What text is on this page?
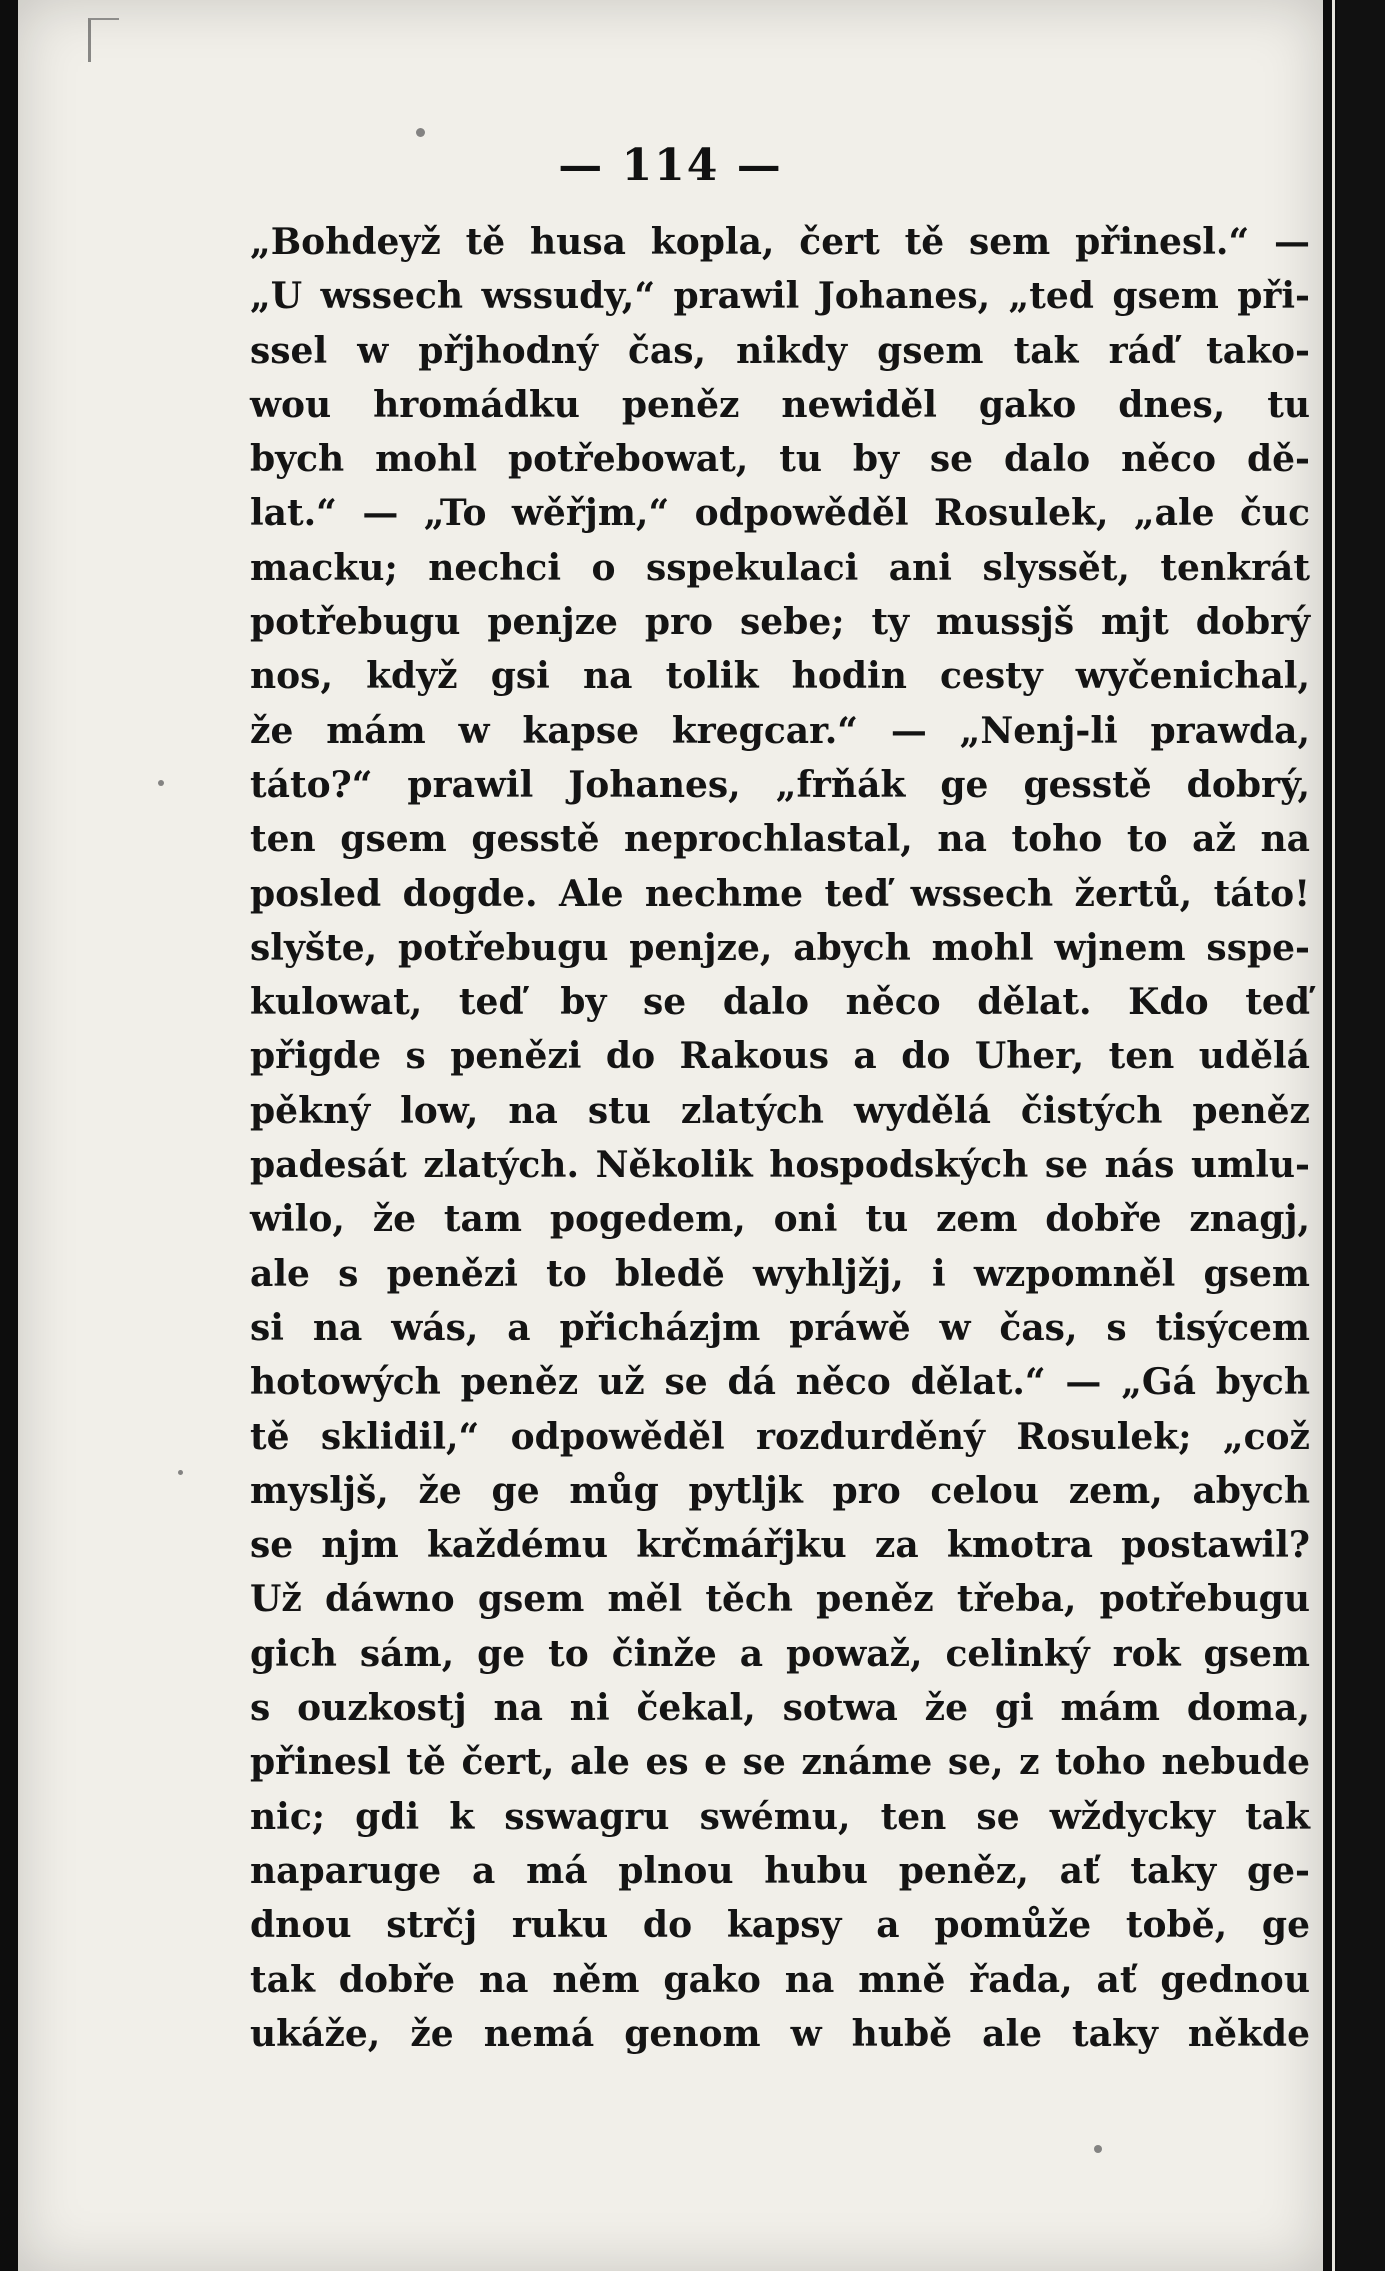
— 114 —
„Bohdeyž tě husa kopla, čert tě sem přinesl.“ —
„U wssech wssudy,“ prawil Johanes, „ted gsem při-
ssel w přjhodný čas, nikdy gsem tak ráď tako-
wou hromádku peněz newiděl gako dnes, tu
bych mohl potřebowat, tu by se dalo něco dě-
lat.“ — „To wěřjm,“ odpowěděl Rosulek, „ale čuc
macku; nechci o sspekulaci ani slyssět, tenkrát
potřebugu penjze pro sebe; ty mussjš mjt dobrý
nos, když gsi na tolik hodin cesty wyčenichal,
že mám w kapse kregcar.“ — „Nenj-li prawda,
táto?“ prawil Johanes, „frňák ge gesstě dobrý,
ten gsem gesstě neprochlastal, na toho to až na
posled dogde. Ale nechme teď wssech žertů, táto!
slyšte, potřebugu penjze, abych mohl wjnem sspe-
kulowat, teď by se dalo něco dělat. Kdo teď
přigde s penězi do Rakous a do Uher, ten udělá
pěkný low, na stu zlatých wydělá čistých peněz
padesát zlatých. Několik hospodských se nás umlu-
wilo, že tam pogedem, oni tu zem dobře znagj,
ale s penězi to bledě wyhljžj, i wzpomněl gsem
si na wás, a přicházjm práwě w čas, s tisýcem
hotowých peněz už se dá něco dělat.“ — „Gá bych
tě sklidil,“ odpowěděl rozdurděný Rosulek; „což
myslјš, že ge můg pytljk pro celou zem, abych
se njm každému krčmářjku za kmotra postawil?
Už dáwno gsem měl těch peněz třeba, potřebugu
gich sám, ge to činže a powaž, celinký rok gsem
s ouzkostj na ni čekal, sotwa že gi mám doma,
přinesl tě čert, ale es e se známe se, z toho nebude
nic; gdi k sswagru swému, ten se wždycky tak
naparuge a má plnou hubu peněz, ať taky ge-
dnou strčj ruku do kapsy a pomůže tobě, ge
tak dobře na něm gako na mně řada, ať gednou
ukáže, že nemá genom w hubě ale taky někde
